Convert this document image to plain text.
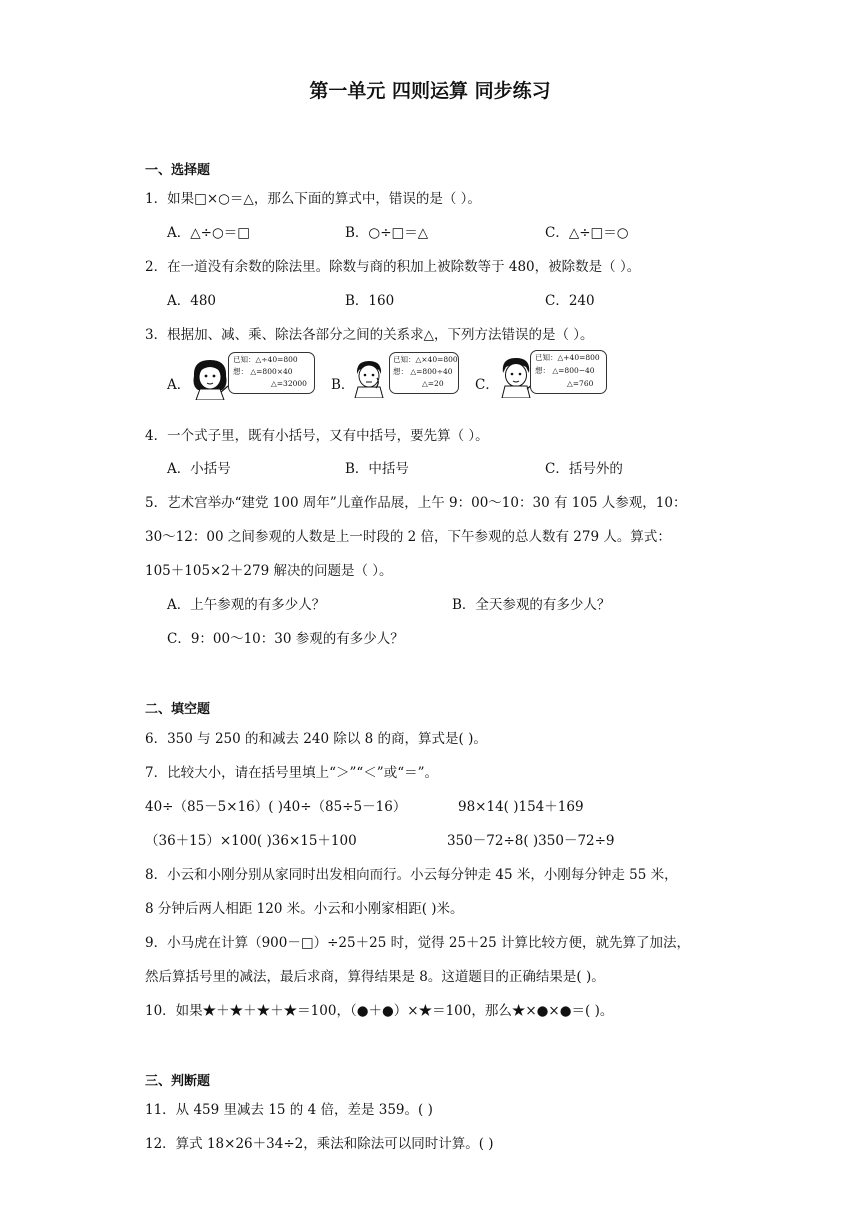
第一单元 四则运算 同步练习
一、选择题
1．如果□×○＝△，那么下面的算式中，错误的是（ ）。
A．△÷○＝□	B．○÷□＝△	C．△÷□＝○
2．在一道没有余数的除法里。除数与商的积加上被除数等于 480，被除数是（ ）。
A．480	B．160	C．240
3．根据加、减、乘、除法各部分之间的关系求△，下列方法错误的是（ ）。
A．
已知：△÷40=800
想： △=800×40
△=32000 B．
已知：△×40=800
想： △=800÷40
△=20 C．
已知：△+40=800
想： △=800−40
△=760
4．一个式子里，既有小括号，又有中括号，要先算（ ）。
A．小括号	B．中括号	C．括号外的
5．艺术宫举办“建党 100 周年”儿童作品展，上午 9：00～10：30 有 105 人参观，10：
30～12：00 之间参观的人数是上一时段的 2 倍，下午参观的总人数有 279 人。算式：
105＋105×2＋279 解决的问题是（ ）。
A．上午参观的有多少人？	B．全天参观的有多少人？
C．9：00～10：30 参观的有多少人？
二、填空题
6．350 与 250 的和减去 240 除以 8 的商，算式是( )。
7．比较大小，请在括号里填上“＞”“＜”或“＝”。
40÷（85－5×16）( )40÷（85÷5－16）	98×14( )154＋169
（36＋15）×100( )36×15＋100	350－72÷8( )350－72÷9
8．小云和小刚分别从家同时出发相向而行。小云每分钟走 45 米，小刚每分钟走 55 米，
8 分钟后两人相距 120 米。小云和小刚家相距( )米。
9．小马虎在计算（900－□）÷25＋25 时，觉得 25＋25 计算比较方便，就先算了加法，
然后算括号里的减法，最后求商，算得结果是 8。这道题目的正确结果是( )。
10．如果★＋★＋★＋★＝100，（●＋●）×★＝100，那么★×●×●＝( )。
三、判断题
11．从 459 里减去 15 的 4 倍，差是 359。( )
12．算式 18×26＋34÷2，乘法和除法可以同时计算。( )
